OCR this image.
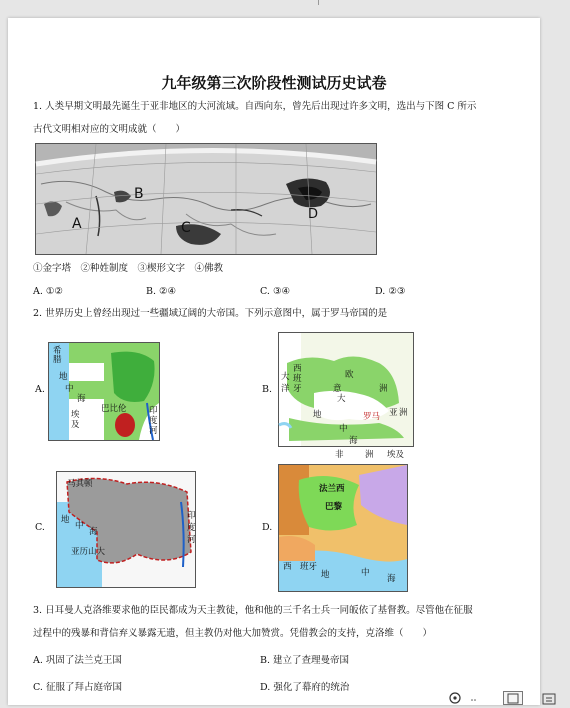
九年级第三次阶段性测试历史试卷
1. 人类早期文明最先诞生于亚非地区的大河流域。自西向东，曾先后出现过许多文明，选出与下图 C 所示
古代文明相对应的文明成就（　　）
A
B
C
D
①金字塔　②种姓制度　③楔形文字　④佛教
A. ①②	B. ②④	C. ③④	D. ②③
2. 世界历史上曾经出现过一些疆域辽阔的大帝国。下列示意图中，属于罗马帝国的是
A.
希
腊
地
中
海
埃
及
巴比伦	印
度
河
B.
大
洋
西
班
牙
欧
意
大
洲
地
中
海
亚 洲
非	洲 埃及
罗马
C.
马其顿
地
中
海
亚历山大
印
度
河
D.
法兰西
巴黎
西　班牙
地	中
海
3. 日耳曼人克洛维要求他的臣民都成为天主教徒，他和他的三千名士兵一同皈依了基督教。尽管他在征服
过程中的残暴和背信弃义暴露无遗，但主教仍对他大加赞赏。凭借教会的支持，克洛维（　　）
A. 巩固了法兰克王国	B. 建立了查理曼帝国
C. 征服了拜占庭帝国	D. 强化了幕府的统治
